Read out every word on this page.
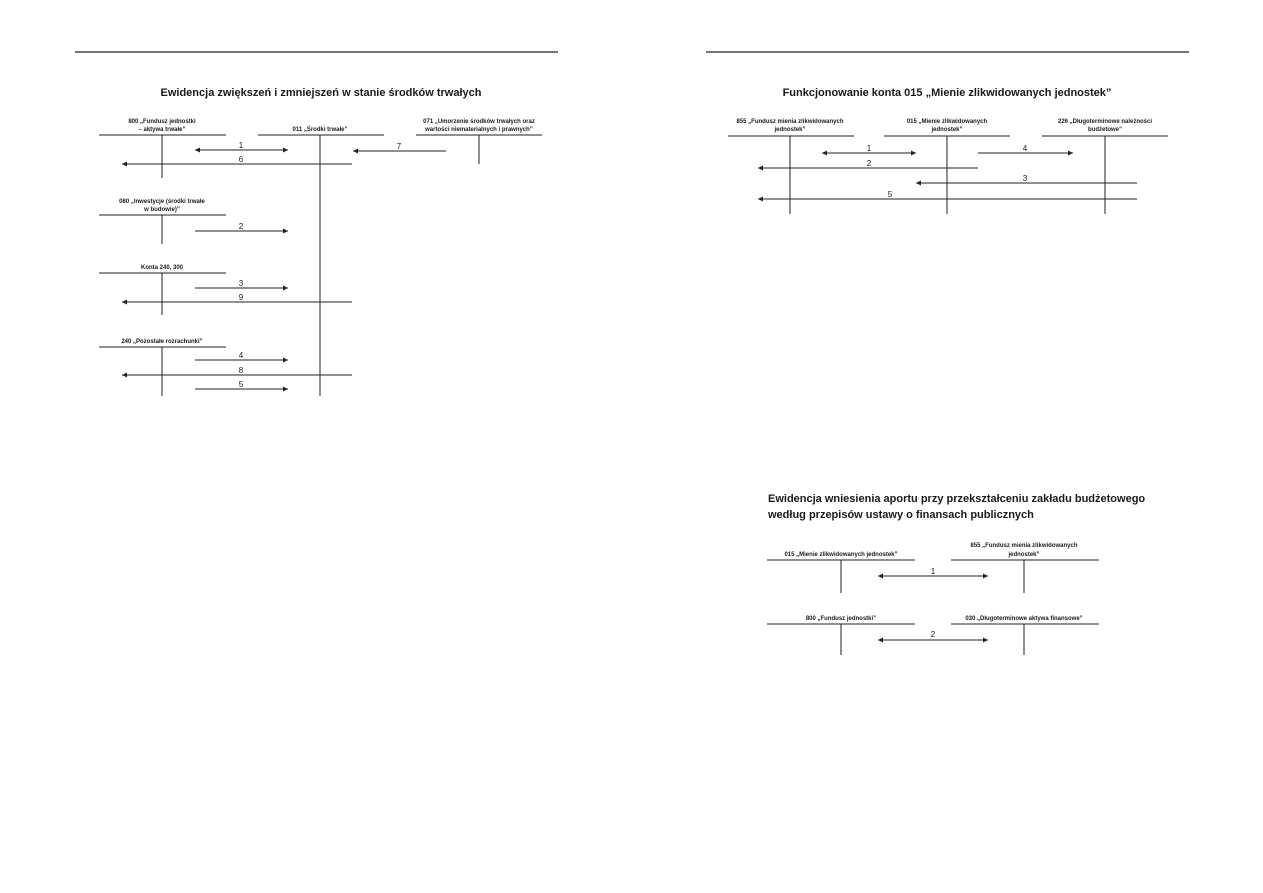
Ewidencja zwiększeń i zmniejszeń w stanie środków trwałych
800 „Fundusz jednostki
– aktywa trwałe”	011 „Środki trwałe”
071 „Umorzenie środków trwałych oraz
wartości niematerialnych i prawnych”
1
6
7
080 „Inwestycje (środki trwałe
w budowie)”
2
Konta 240, 300
3
9
240 „Pozostałe rozrachunki”
4
8
5
Funkcjonowanie konta 015 „Mienie zlikwidowanych jednostek”
855 „Fundusz mienia zlikwidowanych
jednostek”
015 „Mienie zlikwidowanych
jednostek”
226 „Długoterminowe należności
budżetowe”
1	4
2
3
5
Ewidencja wniesienia aportu przy przekształceniu zakładu budżetowego
według przepisów ustawy o finansach publicznych
015 „Mienie zlikwidowanych jednostek”
855 „Fundusz mienia zlikwidowanych
jednostek”
1
800 „Fundusz jednostki”	030 „Długoterminowe aktywa finansowe”
2
